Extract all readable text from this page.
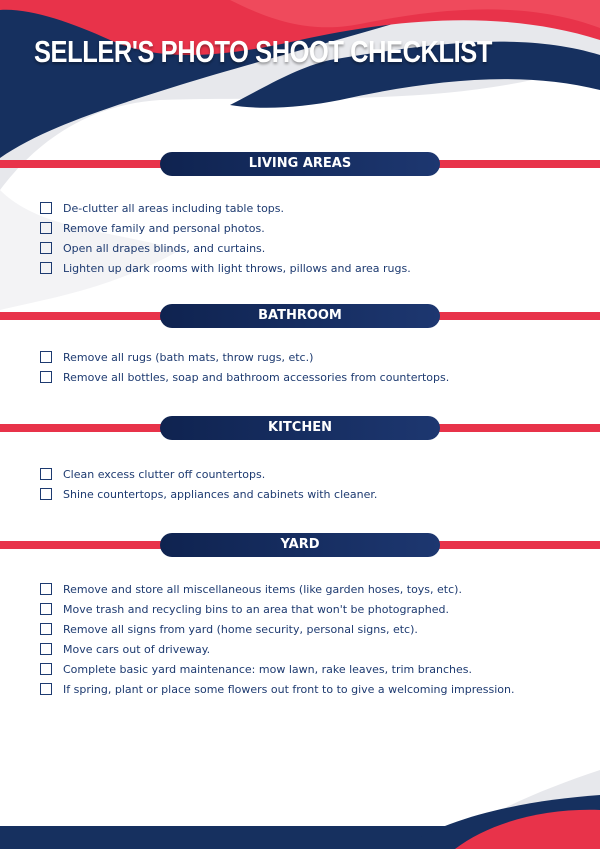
SELLER'S PHOTO SHOOT CHECKLIST
LIVING AREAS
De-clutter all areas including table tops.
Remove family and personal photos.
Open all drapes blinds, and curtains.
Lighten up dark rooms with light throws, pillows and area rugs.
BATHROOM
Remove all rugs (bath mats, throw rugs, etc.)
Remove all bottles, soap and bathroom accessories from countertops.
KITCHEN
Clean excess clutter off countertops.
Shine countertops, appliances and cabinets with cleaner.
YARD
Remove and store all miscellaneous items (like garden hoses, toys, etc).
Move trash and recycling bins to an area that won't be photographed.
Remove all signs from yard (home security, personal signs, etc).
Move cars out of driveway.
Complete basic yard maintenance: mow lawn, rake leaves, trim branches.
If spring, plant or place some flowers out front to to give a welcoming impression.
